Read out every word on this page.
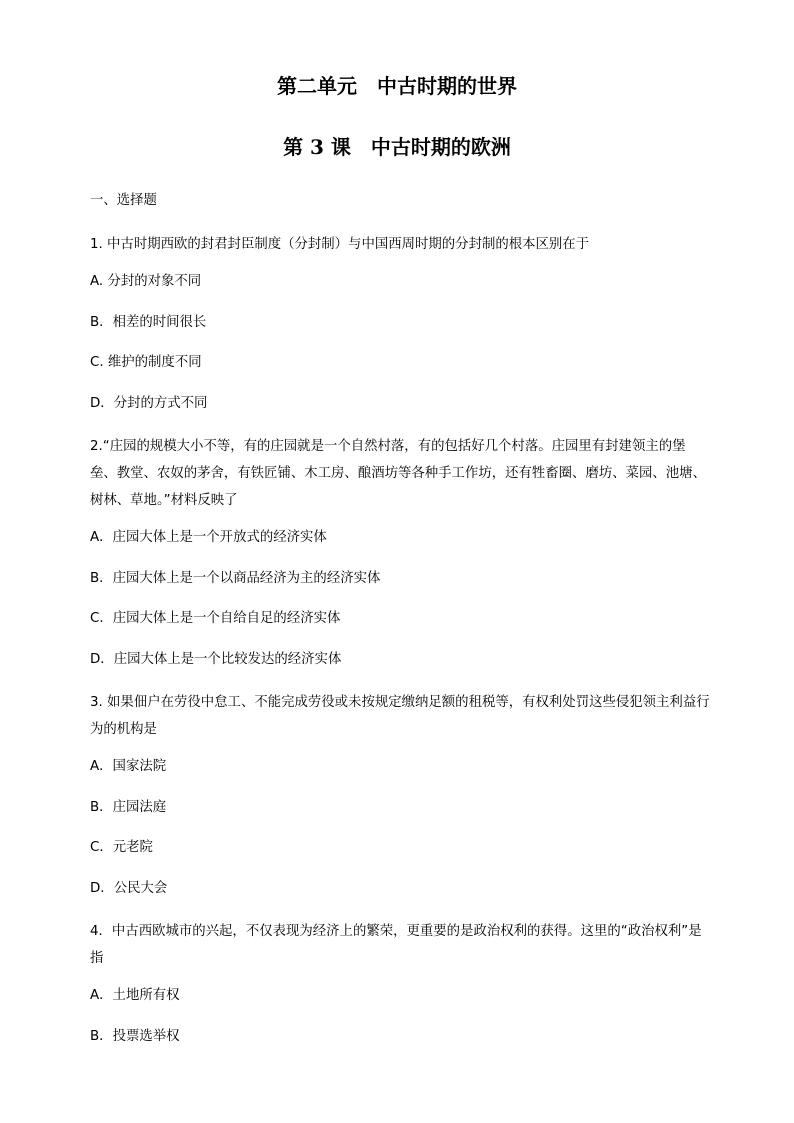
第二单元　中古时期的世界
第 3 课　中古时期的欧洲
一、选择题
1. 中古时期西欧的封君封臣制度（分封制）与中国西周时期的分封制的根本区别在于
A. 分封的对象不同
B．相差的时间很长
C. 维护的制度不同
D．分封的方式不同
2.“庄园的规模大小不等，有的庄园就是一个自然村落，有的包括好几个村落。庄园里有封建领主的堡垒、教堂、农奴的茅舍，有铁匠铺、木工房、酿酒坊等各种手工作坊，还有牲畜圈、磨坊、菜园、池塘、树林、草地。”材料反映了
A．庄园大体上是一个开放式的经济实体
B．庄园大体上是一个以商品经济为主的经济实体
C．庄园大体上是一个自给自足的经济实体
D．庄园大体上是一个比较发达的经济实体
3. 如果佃户在劳役中怠工、不能完成劳役或未按规定缴纳足额的租税等，有权利处罚这些侵犯领主利益行为的机构是
A．国家法院
B．庄园法庭
C．元老院
D．公民大会
4．中古西欧城市的兴起，不仅表现为经济上的繁荣，更重要的是政治权利的获得。这里的“政治权利”是指
A．土地所有权
B．投票选举权
